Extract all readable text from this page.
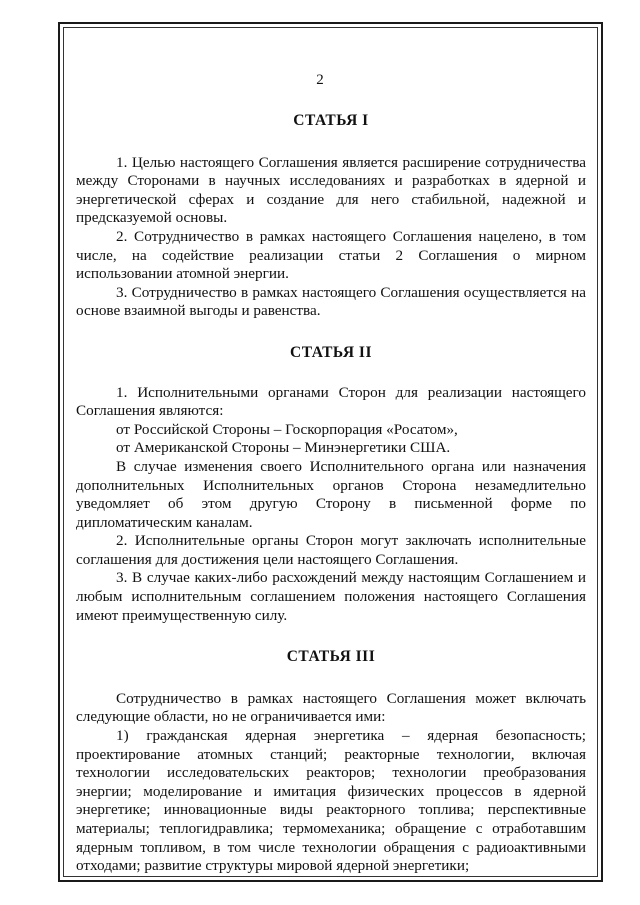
2
СТАТЬЯ I

1. Целью настоящего Соглашения является расширение сотрудничества между Сторонами в научных исследованиях и разработках в ядерной и энергетической сферах и создание для него стабильной, надежной и предсказуемой основы.

2. Сотрудничество в рамках настоящего Соглашения нацелено, в том числе, на содействие реализации статьи 2 Соглашения о мирном использовании атомной энергии.

3. Сотрудничество в рамках настоящего Соглашения осуществляется на основе взаимной выгоды и равенства.

СТАТЬЯ II

1. Исполнительными органами Сторон для реализации настоящего Соглашения являются:

от Российской Стороны – Госкорпорация «Росатом»,

от Американской Стороны – Минэнергетики США.

В случае изменения своего Исполнительного органа или назначения дополнительных Исполнительных органов Сторона незамедлительно уведомляет об этом другую Сторону в письменной форме по дипломатическим каналам.

2. Исполнительные органы Сторон могут заключать исполнительные соглашения для достижения цели настоящего Соглашения.

3. В случае каких-либо расхождений между настоящим Соглашением и любым исполнительным соглашением положения настоящего Соглашения имеют преимущественную силу.

СТАТЬЯ III

Сотрудничество в рамках настоящего Соглашения может включать следующие области, но не ограничивается ими:

1) гражданская ядерная энергетика – ядерная безопасность; проектирование атомных станций; реакторные технологии, включая технологии исследовательских реакторов; технологии преобразования энергии; моделирование и имитация физических процессов в ядерной энергетике; инновационные виды реакторного топлива; перспективные материалы; теплогидравлика; термомеханика; обращение с отработавшим ядерным топливом, в том числе технологии обращения с радиоактивными отходами; развитие структуры мировой ядерной энергетики;
